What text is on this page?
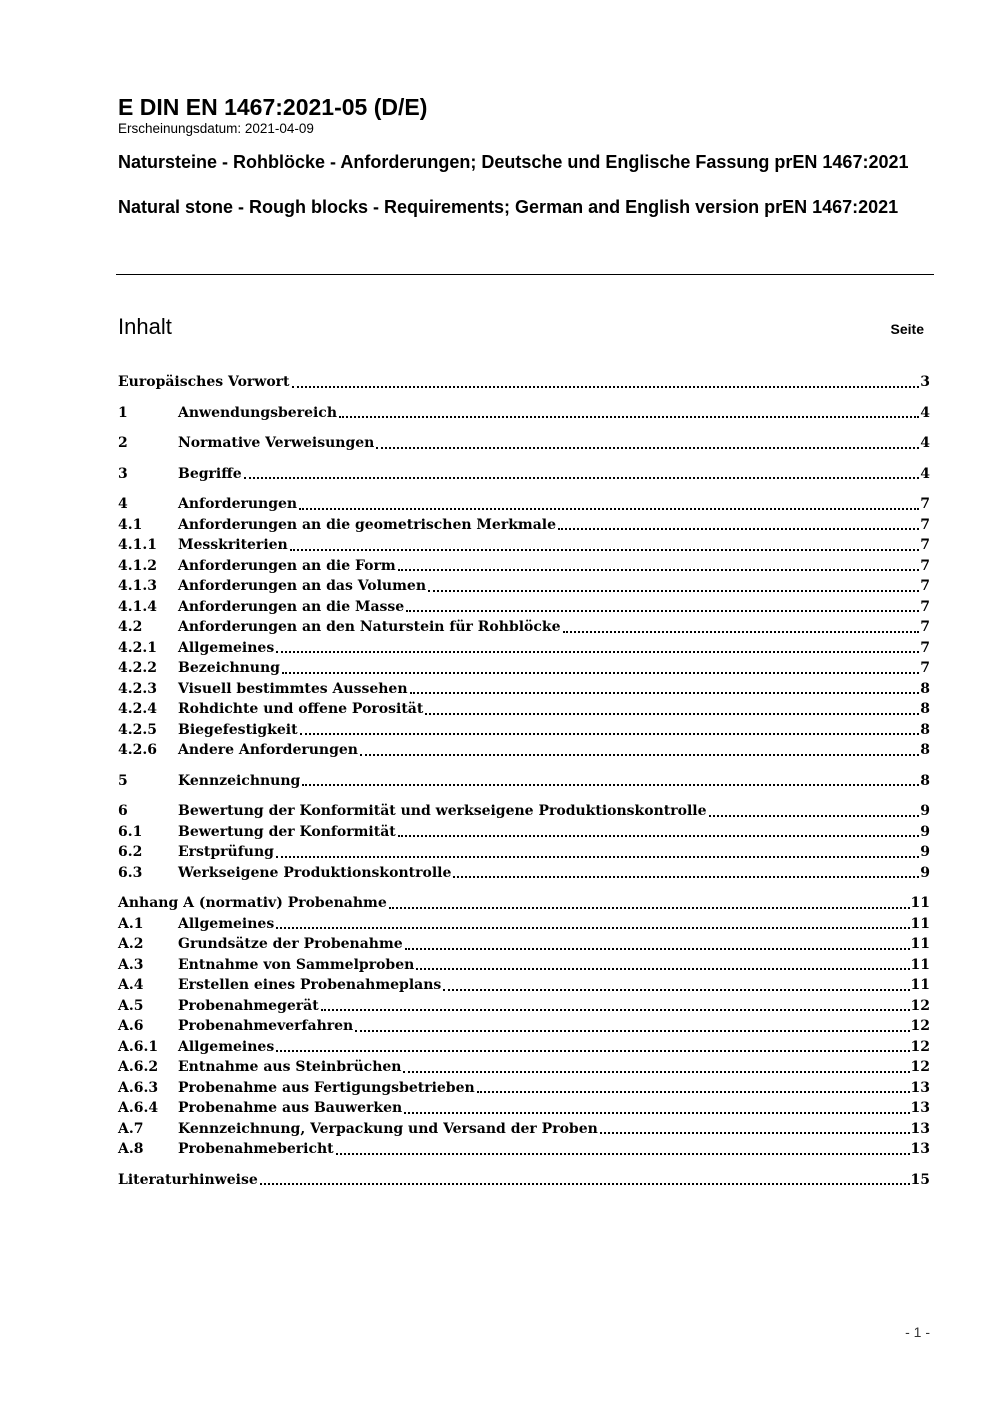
E DIN EN 1467:2021-05 (D/E)

Erscheinungsdatum: 2021-04-09

Natursteine - Rohblöcke - Anforderungen; Deutsche und Englische Fassung prEN 1467:2021

Natural stone - Rough blocks - Requirements; German and English version prEN 1467:2021

Inhalt	Seite
Europäisches Vorwort	3
1	Anwendungsbereich	4
2	Normative Verweisungen	4
3	Begriffe	4
4	Anforderungen	7
4.1	Anforderungen an die geometrischen Merkmale	7
4.1.1	Messkriterien	7
4.1.2	Anforderungen an die Form	7
4.1.3	Anforderungen an das Volumen	7
4.1.4	Anforderungen an die Masse	7
4.2	Anforderungen an den Naturstein für Rohblöcke	7
4.2.1	Allgemeines	7
4.2.2	Bezeichnung	7
4.2.3	Visuell bestimmtes Aussehen	8
4.2.4	Rohdichte und offene Porosität	8
4.2.5	Biegefestigkeit	8
4.2.6	Andere Anforderungen	8
5	Kennzeichnung	8
6	Bewertung der Konformität und werkseigene Produktionskontrolle	9
6.1	Bewertung der Konformität	9
6.2	Erstprüfung	9
6.3	Werkseigene Produktionskontrolle	9
Anhang A (normativ) Probenahme	11
A.1	Allgemeines	11
A.2	Grundsätze der Probenahme	11
A.3	Entnahme von Sammelproben	11
A.4	Erstellen eines Probenahmeplans	11
A.5	Probenahmegerät	12
A.6	Probenahmeverfahren	12
A.6.1	Allgemeines	12
A.6.2	Entnahme aus Steinbrüchen	12
A.6.3	Probenahme aus Fertigungsbetrieben	13
A.6.4	Probenahme aus Bauwerken	13
A.7	Kennzeichnung, Verpackung und Versand der Proben	13
A.8	Probenahmebericht	13
Literaturhinweise	15
- 1 -
